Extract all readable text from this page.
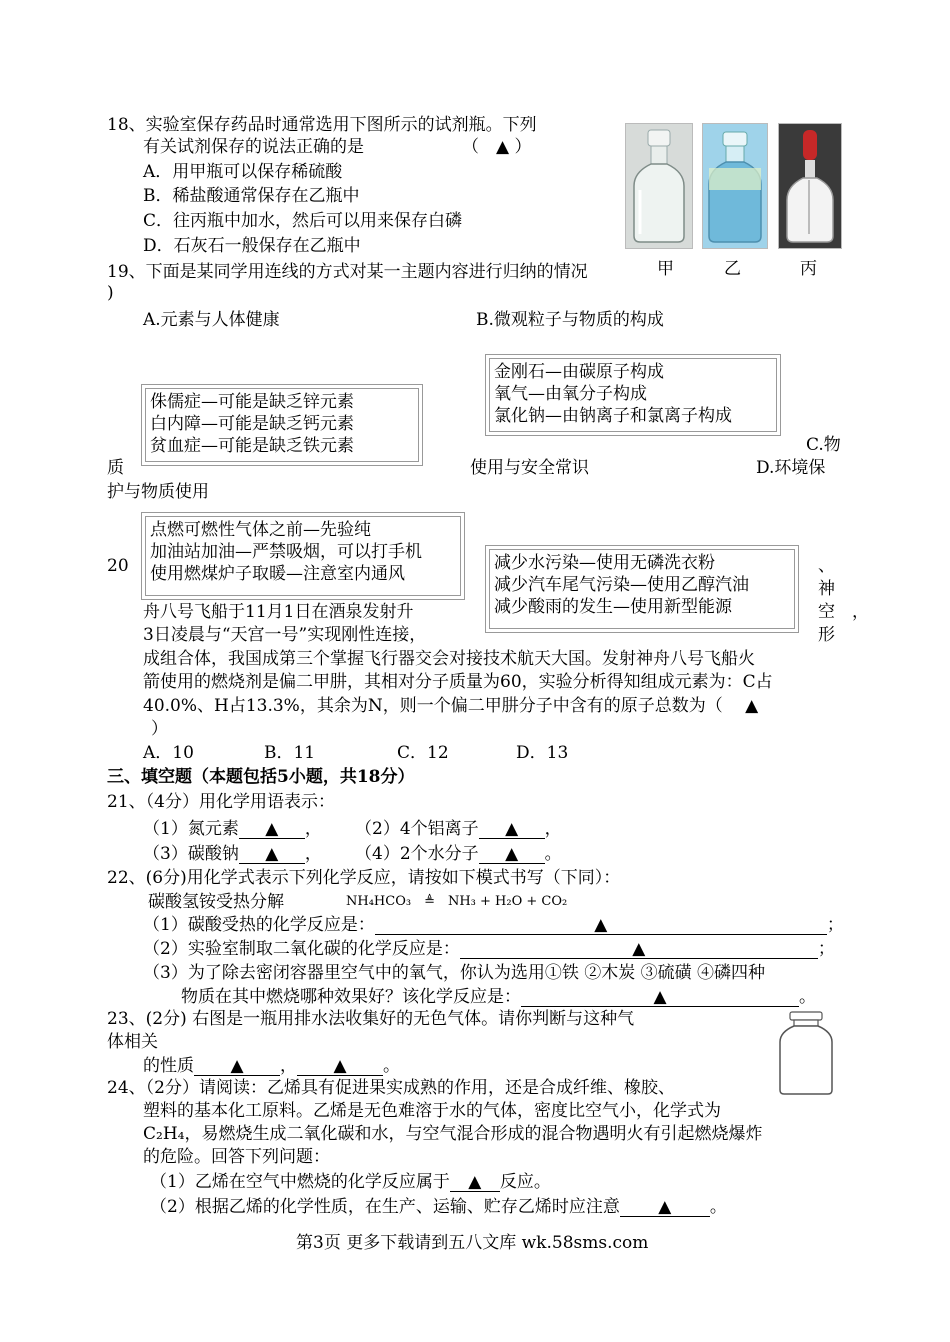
18、实验室保存药品时通常选用下图所示的试剂瓶。下列
有关试剂保存的说法正确的是	（　▲ ）
A．用甲瓶可以保存稀硫酸
B．稀盐酸通常保存在乙瓶中
C．往丙瓶中加水，然后可以用来保存白磷
D．石灰石一般保存在乙瓶中
甲	乙	丙
19、下面是某同学用连线的方式对某一主题内容进行归纳的情况
)
A.元素与人体健康	B.微观粒子与物质的构成
金刚石—由碳原子构成
氧气—由氧分子构成
氯化钠—由钠离子和氯离子构成
侏儒症—可能是缺乏锌元素
白内障—可能是缺乏钙元素
贫血症—可能是缺乏铁元素	C.物
质	使用与安全常识	D.环境保
护与物质使用
点燃可燃性气体之前—先验纯
加油站加油—严禁吸烟，可以打手机
使用燃煤炉子取暖—注意室内通风
减少水污染—使用无磷洗衣粉
减少汽车尾气污染—使用乙醇汽油
减少酸雨的发生—使用新型能源
20	、
神
空　，
形
舟八号飞船于11月1日在酒泉发射升
3日凌晨与“天宫一号”实现刚性连接，
成组合体，我国成第三个掌握飞行器交会对接技术航天大国。发射神舟八号飞船火
箭使用的燃烧剂是偏二甲肼，其相对分子质量为60，实验分析得知组成元素为：C占
40.0%、H占13.3%，其余为N，则一个偏二甲肼分子中含有的原子总数为（　 ▲
）
A．10	B．11	C．12	D．13
三、填空题（本题包括5小题，共18分）
21、（4分）用化学用语表示：
（1）氮元素 ▲ ， （2）4个铝离子 ▲ ，
（3）碳酸钠 ▲ ， （4）2个水分子 ▲ 。
22、(6分)用化学式表示下列化学反应，请按如下模式书写（下同）：
碳酸氢铵受热分解	NH₄HCO₃　≜　NH₃ + H₂O + CO₂
（1）碳酸受热的化学反应是：	▲	；
（2）实验室制取二氧化碳的化学反应是：	▲	；
（3）为了除去密闭容器里空气中的氧气，你认为选用①铁 ②木炭 ③硫磺 ④磷四种
物质在其中燃烧哪种效果好？该化学反应是：	▲	。
23、(2分) 右图是一瓶用排水法收集好的无色气体。请你判断与这种气
体相关
的性质 ▲ ， ▲ 。
24、（2分）请阅读：乙烯具有促进果实成熟的作用，还是合成纤维、橡胶、
塑料的基本化工原料。乙烯是无色难溶于水的气体，密度比空气小，化学式为
C₂H₄，易燃烧生成二氧化碳和水，与空气混合形成的混合物遇明火有引起燃烧爆炸
的危险。回答下列问题：
（1）乙烯在空气中燃烧的化学反应属于 ▲ 反应。
（2）根据乙烯的化学性质，在生产、运输、贮存乙烯时应注意 ▲ 。
第3页 更多下载请到五八文库 wk.58sms.com
